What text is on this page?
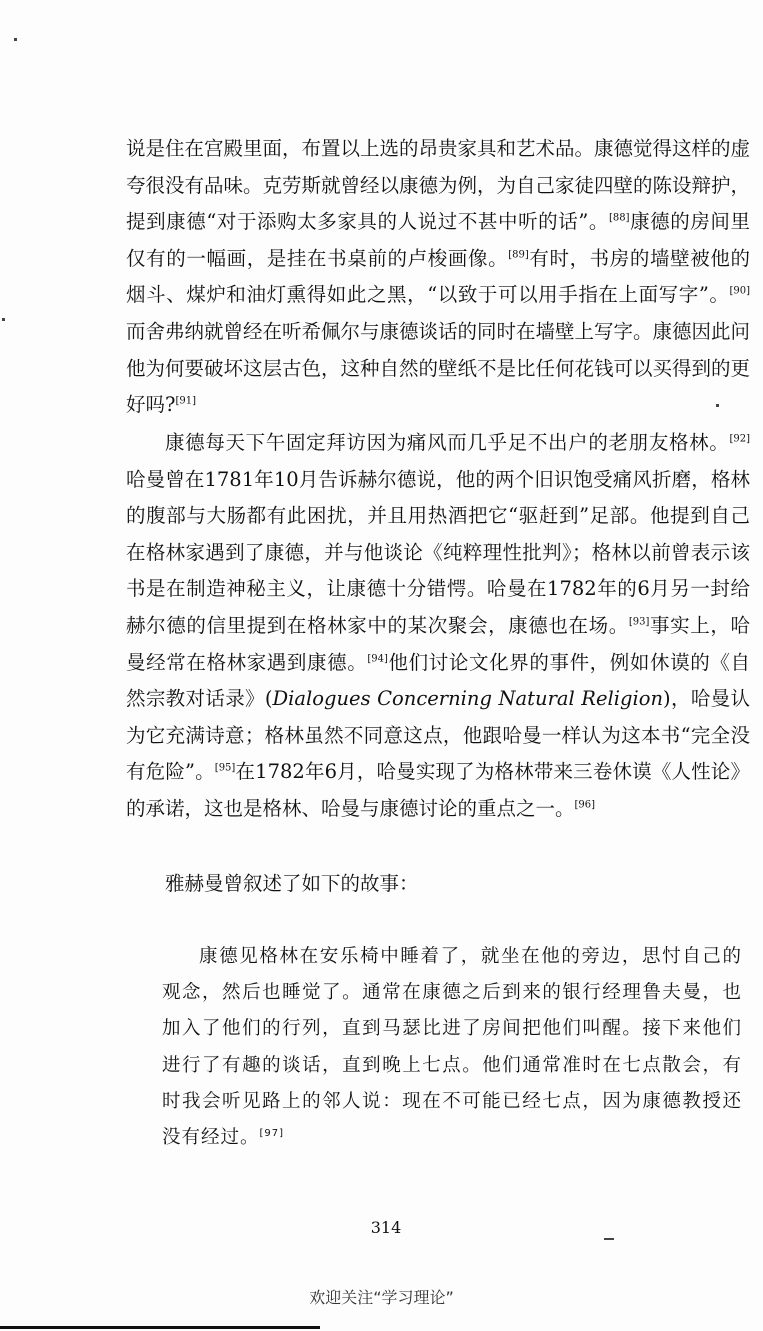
说是住在宫殿里面，布置以上选的昂贵家具和艺术品。康德觉得这样的虚夸很没有品味。克劳斯就曾经以康德为例，为自己家徒四壁的陈设辩护，提到康德“对于添购太多家具的人说过不甚中听的话”。[88]康德的房间里仅有的一幅画，是挂在书桌前的卢梭画像。[89]有时，书房的墙壁被他的烟斗、煤炉和油灯熏得如此之黑，“以致于可以用手指在上面写字”。[90]而舍弗纳就曾经在听希佩尔与康德谈话的同时在墙壁上写字。康德因此问他为何要破坏这层古色，这种自然的壁纸不是比任何花钱可以买得到的更好吗?[91]
康德每天下午固定拜访因为痛风而几乎足不出户的老朋友格林。[92]哈曼曾在1781年10月告诉赫尔德说，他的两个旧识饱受痛风折磨，格林的腹部与大肠都有此困扰，并且用热酒把它“驱赶到”足部。他提到自己在格林家遇到了康德，并与他谈论《纯粹理性批判》；格林以前曾表示该书是在制造神秘主义，让康德十分错愕。哈曼在1782年的6月另一封给赫尔德的信里提到在格林家中的某次聚会，康德也在场。[93]事实上，哈曼经常在格林家遇到康德。[94]他们讨论文化界的事件，例如休谟的《自然宗教对话录》(Dialogues Concerning Natural Religion)，哈曼认为它充满诗意；格林虽然不同意这点，他跟哈曼一样认为这本书“完全没有危险”。[95]在1782年6月，哈曼实现了为格林带来三卷休谟《人性论》的承诺，这也是格林、哈曼与康德讨论的重点之一。[96]
雅赫曼曾叙述了如下的故事：
康德见格林在安乐椅中睡着了，就坐在他的旁边，思忖自己的观念，然后也睡觉了。通常在康德之后到来的银行经理鲁夫曼，也加入了他们的行列，直到马瑟比进了房间把他们叫醒。接下来他们进行了有趣的谈话，直到晚上七点。他们通常准时在七点散会，有时我会听见路上的邻人说：现在不可能已经七点，因为康德教授还没有经过。[97]
314
欢迎关注“学习理论”
